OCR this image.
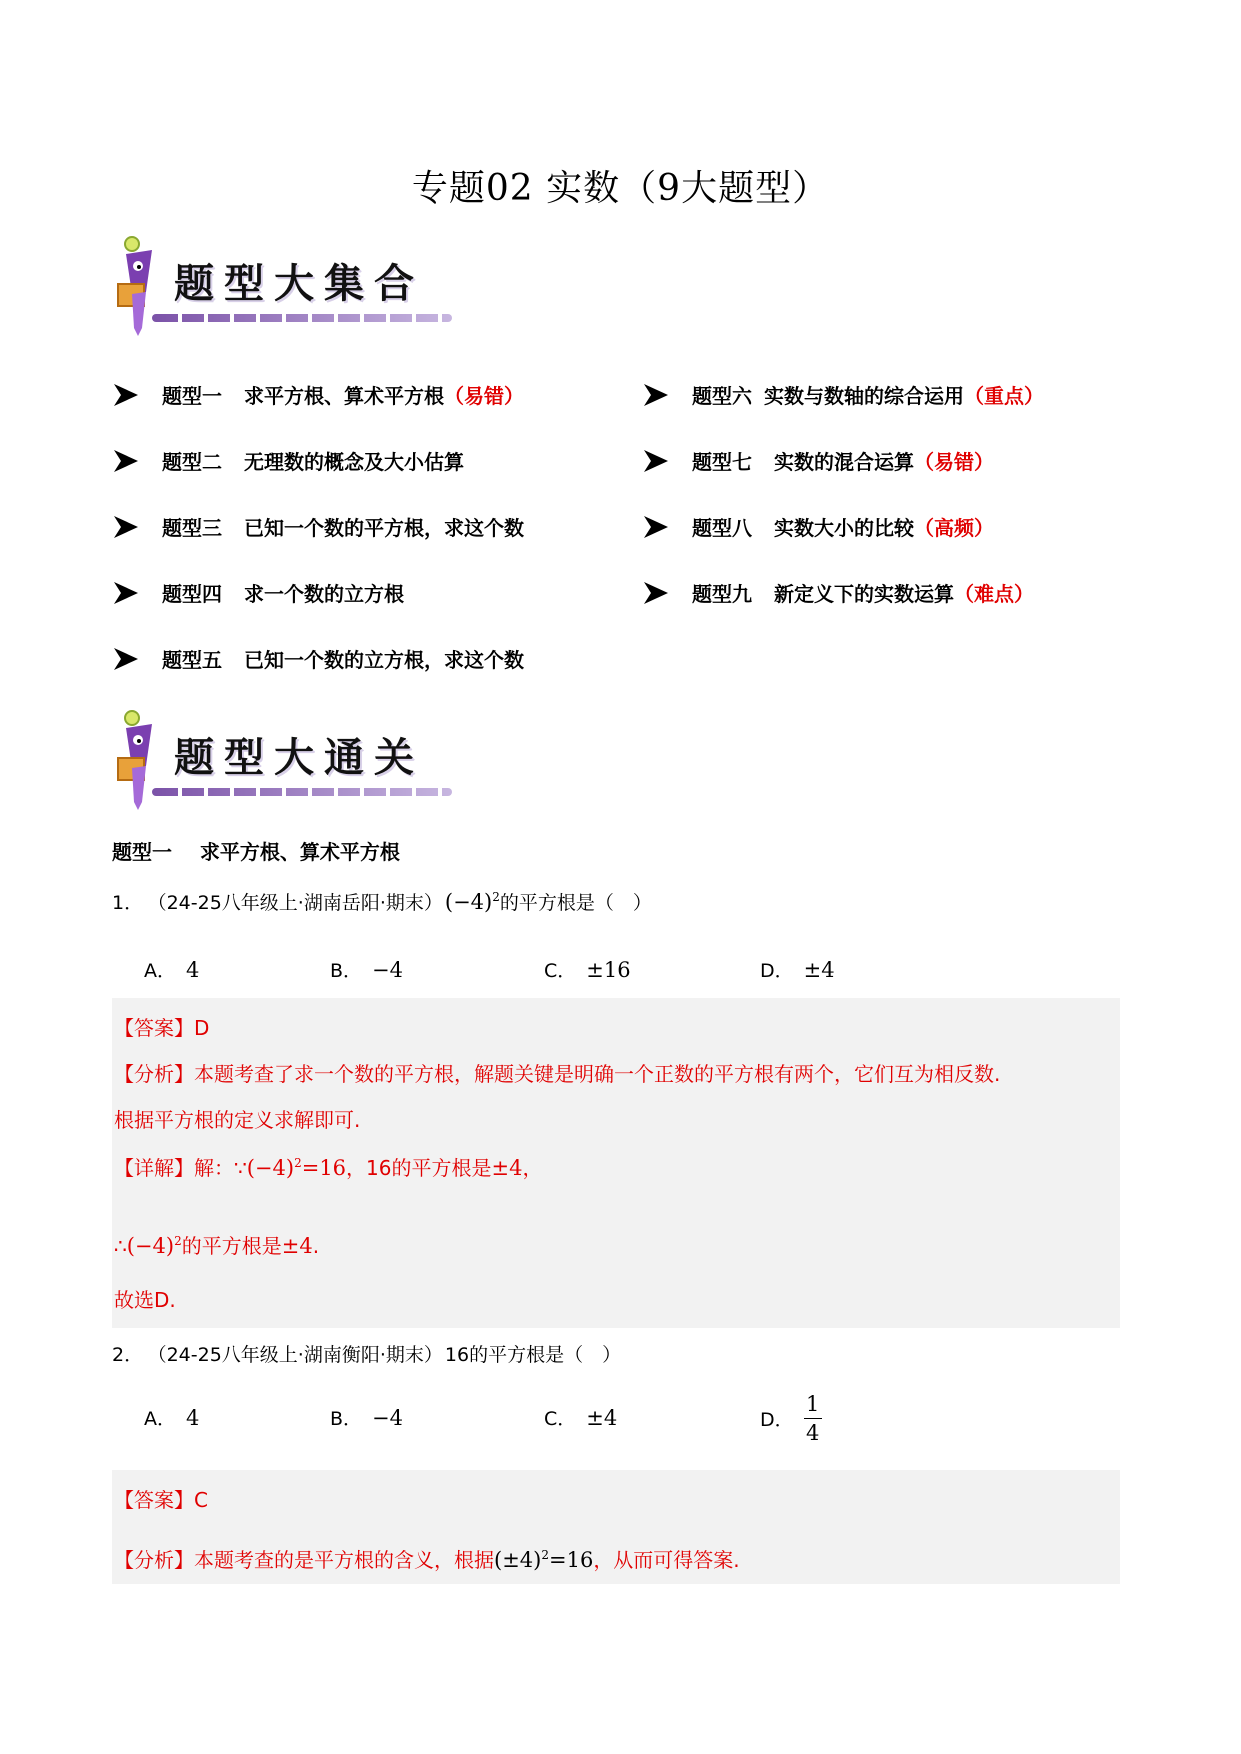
专题02 实数（9大题型）
题型大集合
题型一 求平方根、算术平方根 （易错）
题型二 无理数的概念及大小估算
题型三 已知一个数的平方根，求这个数
题型四 求一个数的立方根
题型五 已知一个数的立方根，求这个数
题型六 实数与数轴的综合运用 （重点）
题型七 实数的混合运算 （易错）
题型八 实数大小的比较 （高频）
题型九 新定义下的实数运算 （难点）
题型大通关
题型一    求平方根、算术平方根
1． （24-25八年级上·湖南岳阳·期末）$(-4)^2$的平方根是（　）
A． 4	B． −4	C． ±16	D． ±4
【答案】D
【分析】本题考查了求一个数的平方根，解题关键是明确一个正数的平方根有两个，它们互为相反数.
根据平方根的定义求解即可.
【详解】解：$\because(-4)^2=16$，16的平方根是±4，
$\therefore(-4)^2$的平方根是±4.
故选D.
2． （24-25八年级上·湖南衡阳·期末） 16的平方根是（　）
A． 4	B． −4	C． ±4	D． $\frac{1}{4}$
【答案】C
【分析】本题考查的是平方根的含义，根据$(\pm 4)^2=16$，从而可得答案.
